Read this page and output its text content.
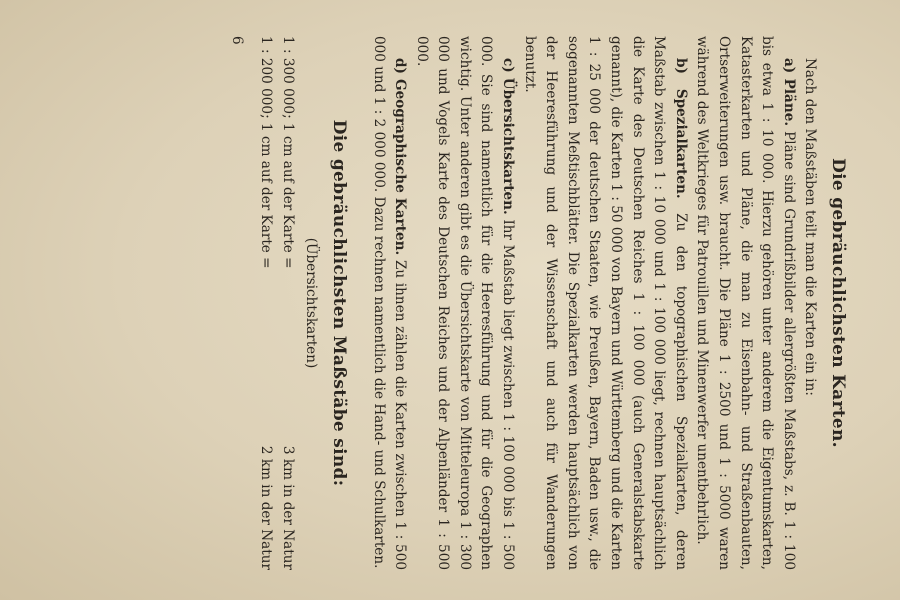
Die gebräuchlichsten Karten.

Nach den Maßstäben teilt man die Karten ein in:

a) Pläne. Pläne sind Grundrißbilder allergrößten Maßstabs, z. B. 1 : 100 bis etwa 1 : 10 000. Hierzu gehören unter anderem die Eigentumskarten, Katasterkarten und Pläne, die man zu Eisenbahn- und Straßenbauten, Ortserweiterungen usw. braucht. Die Pläne 1 : 2500 und 1 : 5000 waren während des Weltkrieges für Patrouillen und Minenwerfer unentbehrlich.

b) Spezialkarten. Zu den topographischen Spezialkarten, deren Maßstab zwischen 1 : 10 000 und 1 : 100 000 liegt, rechnen hauptsächlich die Karte des Deutschen Reiches 1 : 100 000 (auch Generalstabskarte genannt), die Karten 1 : 50 000 von Bayern und Württemberg und die Karten 1 : 25 000 der deutschen Staaten, wie Preußen, Bayern, Baden usw., die sogenannten Meßtischblätter. Die Spezialkarten werden hauptsächlich von der Heeresführung und der Wissenschaft und auch für Wanderungen benutzt.

c) Übersichtskarten. Ihr Maßstab liegt zwischen 1 : 100 000 bis 1 : 500 000. Sie sind namentlich für die Heeresführung und für die Geographen wichtig. Unter anderen gibt es die Übersichtskarte von Mitteleuropa 1 : 300 000 und Vogels Karte des Deutschen Reiches und der Alpenländer 1 : 500 000.

d) Geographische Karten. Zu ihnen zählen die Karten zwischen 1 : 500 000 und 1 : 2 000 000. Dazu rechnen namentlich die Hand- und Schulkarten.

Die gebräuchlichsten Maßstäbe sind:
(Übersichtskarten)
1 : 300 000; 1 cm auf der Karte =
3 km in der Natur
1 : 200 000; 1 cm auf der Karte =
2 km in der Natur
6
